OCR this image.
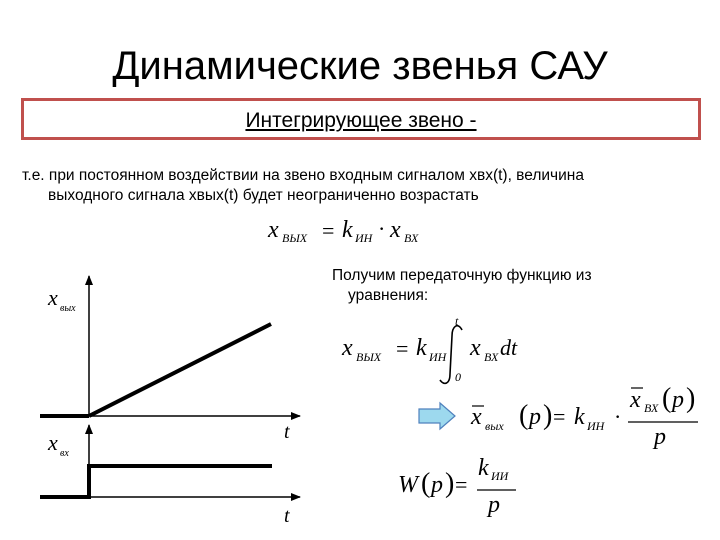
Динамические звенья САУ
Интегрирующее звено -
т.е. при постоянном воздействии на звено входным сигналом xвх(t), величина
выходного сигнала xвых(t) будет неограниченно возрастать
Получим передаточную функцию из
уравнения:
x ВЫХ = k ИН · x ВХ
x ВЫХ = k ИН
t
0
x ВХ dt
x вых ( p ) = k ИН ·
x ВХ ( p )
p
W ( p ) =
k ИИ
p
x вых
t
x вх
t
